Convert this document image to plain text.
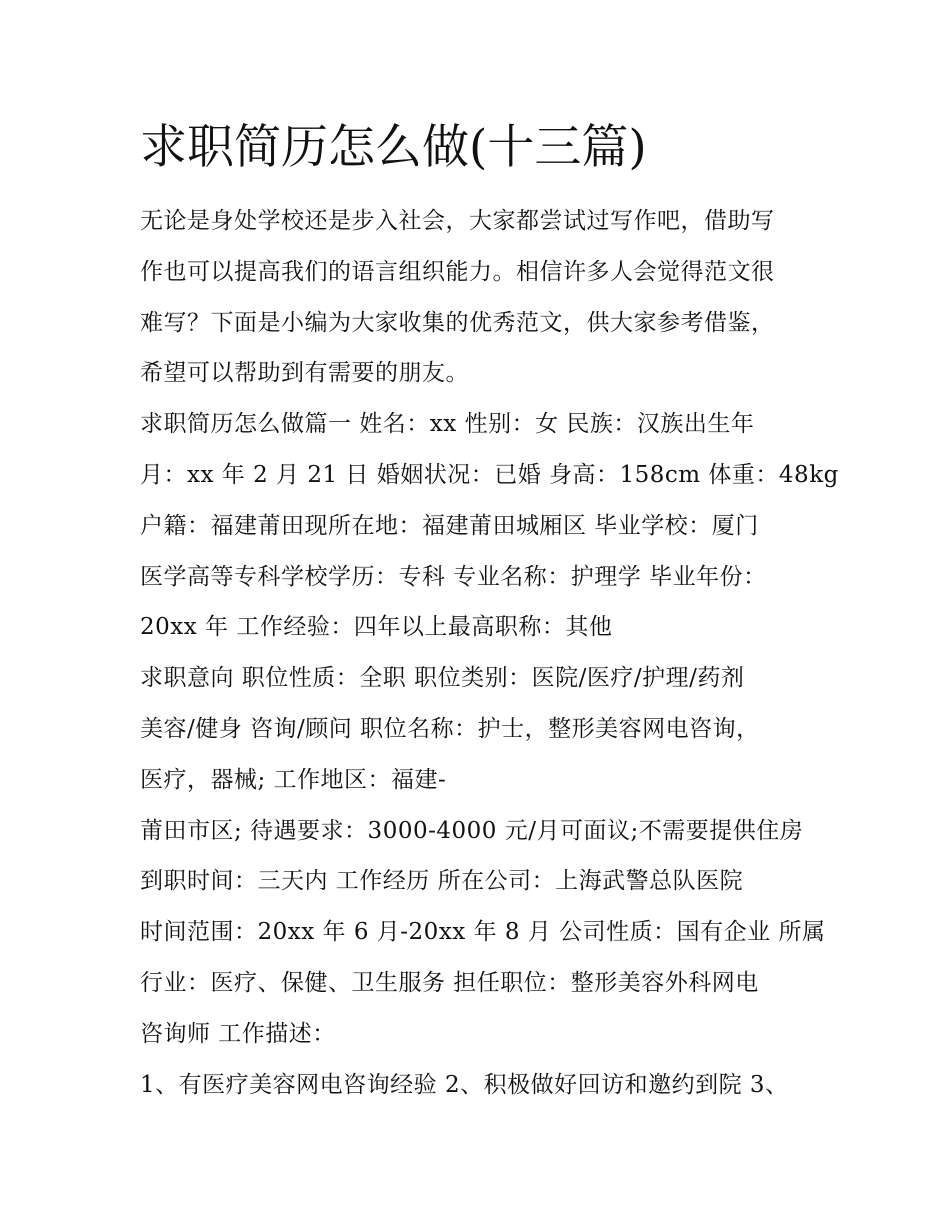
求职简历怎么做(十三篇)
无论是身处学校还是步入社会，大家都尝试过写作吧，借助写
作也可以提高我们的语言组织能力。相信许多人会觉得范文很
难写？下面是小编为大家收集的优秀范文，供大家参考借鉴，
希望可以帮助到有需要的朋友。
求职简历怎么做篇一 姓名：xx 性别：女 民族：汉族出生年
月：xx 年 2 月 21 日 婚姻状况：已婚 身高：158cm 体重：48kg
户籍：福建莆田现所在地：福建莆田城厢区 毕业学校：厦门
医学高等专科学校学历：专科 专业名称：护理学 毕业年份：
20xx 年 工作经验：四年以上最高职称：其他
求职意向 职位性质：全职 职位类别：医院/医疗/护理/药剂
美容/健身 咨询/顾问 职位名称：护士，整形美容网电咨询，
医疗，器械; 工作地区：福建-
莆田市区; 待遇要求：3000-4000 元/月可面议;不需要提供住房
到职时间：三天内 工作经历 所在公司：上海武警总队医院
时间范围：20xx 年 6 月-20xx 年 8 月 公司性质：国有企业 所属
行业：医疗、保健、卫生服务 担任职位：整形美容外科网电
咨询师 工作描述：
1、有医疗美容网电咨询经验 2、积极做好回访和邀约到院 3、
